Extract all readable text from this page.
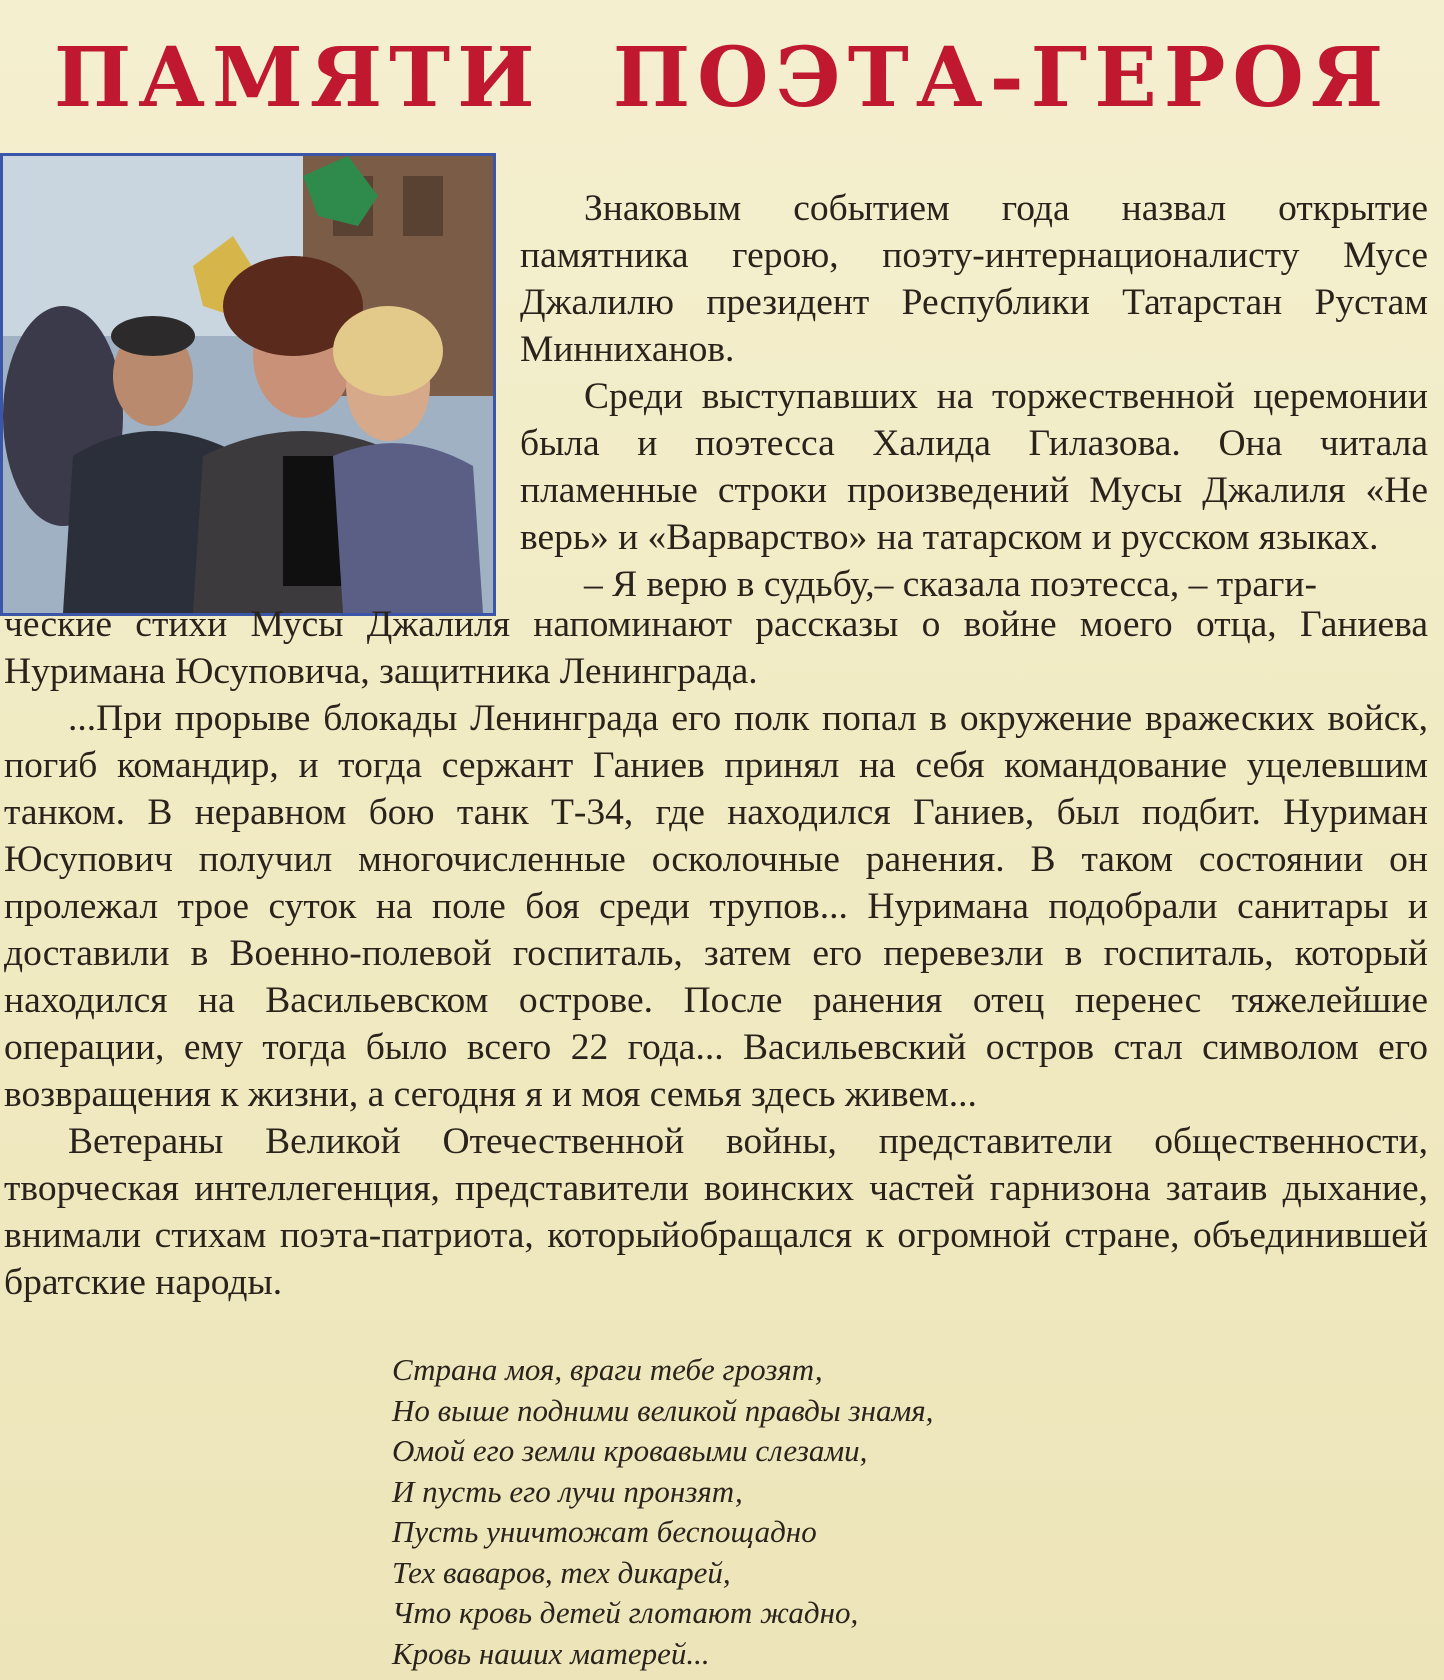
ПАМЯТИ  ПОЭТА-ГЕРОЯ

Знаковым событием года назвал открытие памятника герою, поэту-интернационалисту Мусе Джалилю президент Республики Татарстан Рустам Минниханов.

Среди выступавших на торжественной церемонии была и поэтесса Халида Гилазова. Она читала пламенные строки произведений Мусы Джалиля «Не верь» и «Варварство» на татарском и русском языках.

– Я верю в судьбу,– сказала поэтесса, – траги-

ческие стихи Мусы Джалиля напоминают рассказы о войне моего отца, Ганиева Нуримана Юсуповича, защитника Ленинграда.

...При прорыве блокады Ленинграда его полк попал в окружение вражеских войск, погиб командир, и тогда сержант Ганиев принял на себя командование уцелевшим танком. В неравном бою танк Т-34, где находился Ганиев, был подбит. Нуриман Юсупович получил многочисленные осколочные ранения. В таком состоянии он пролежал трое суток на поле боя среди трупов... Нуримана подобрали санитары и доставили в Военно-полевой госпиталь, затем его перевезли в госпиталь, который находился на Васильевском острове. После ранения отец перенес тяжелейшие операции, ему тогда было всего 22 года... Васильевский остров стал символом его возвращения к жизни, а сегодня я и моя семья здесь живем...

Ветераны Великой Отечественной войны, представители общественности, творческая интеллегенция, представители воинских частей гарнизона затаив дыхание, внимали стихам поэта-патриота, которыйобращался к огромной стране, объединившей братские народы.

Страна моя, враги тебе грозят,
Но выше подними великой правды знамя,
Омой его земли кровавыми слезами,
И пусть его лучи пронзят,
Пусть уничтожат беспощадно
Тех ваваров, тех дикарей,
Что кровь детей глотают жадно,
Кровь наших матерей...
